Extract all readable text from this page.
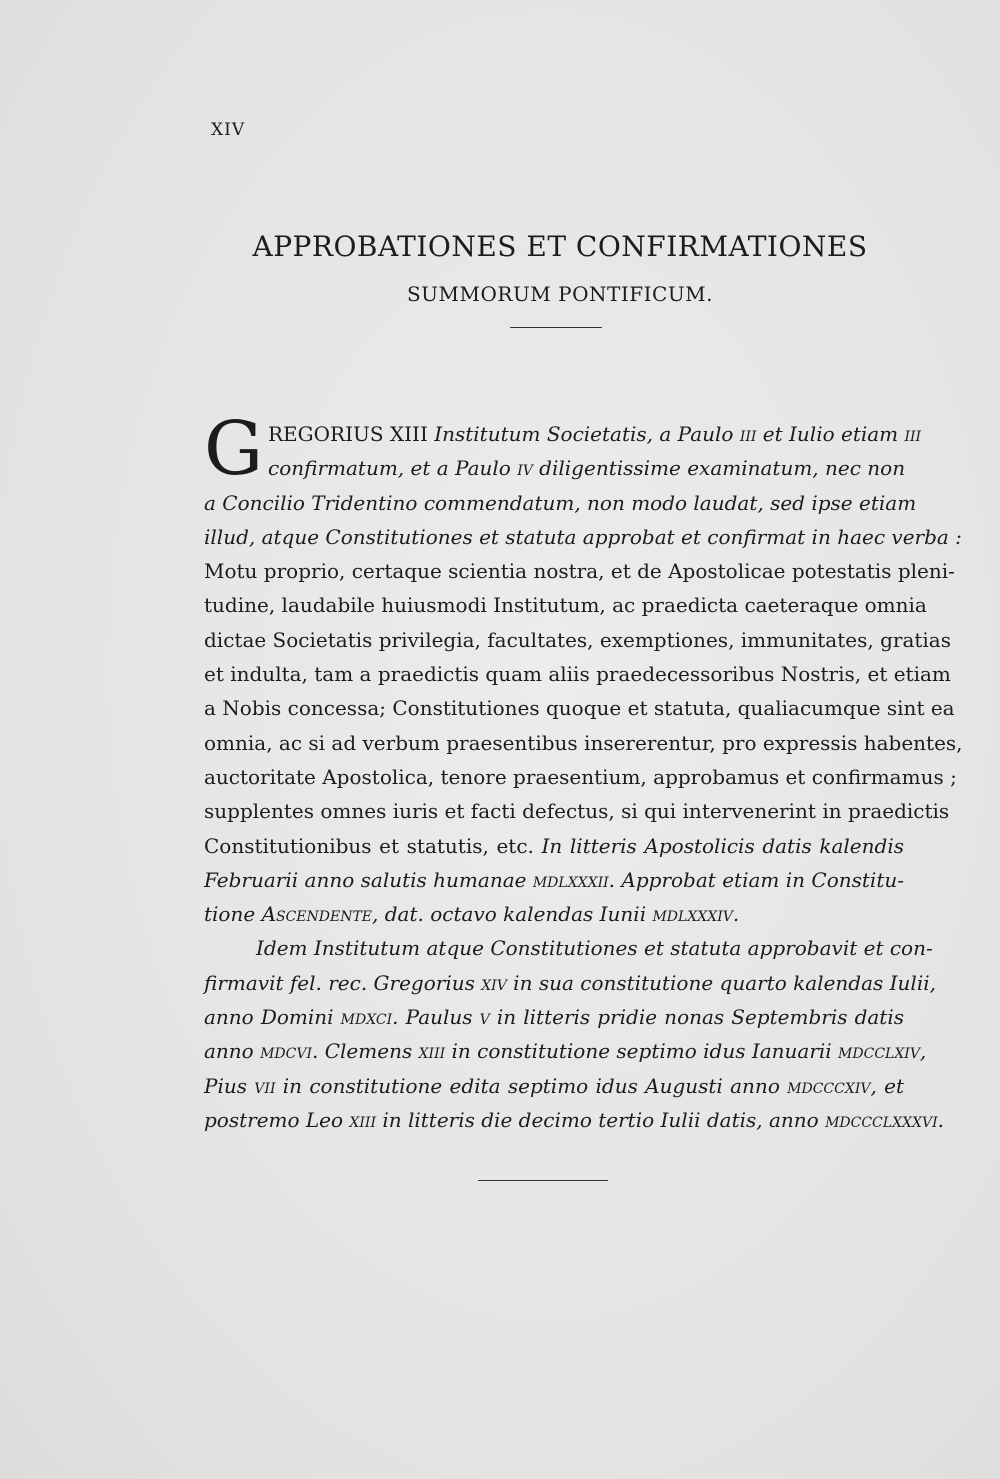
XIV
APPROBATIONES ET CONFIRMATIONES
SUMMORUM PONTIFICUM.
G REGORIUS XIII Institutum Societatis, a Paulo iii et Iulio etiam iii
confirmatum, et a Paulo iv diligentissime examinatum, nec non
a Concilio Tridentino commendatum, non modo laudat, sed ipse etiam
illud, atque Constitutiones et statuta approbat et confirmat in haec verba :
Motu proprio, certaque scientia nostra, et de Apostolicae potestatis pleni-
tudine, laudabile huiusmodi Institutum, ac praedicta caeteraque omnia
dictae Societatis privilegia, facultates, exemptiones, immunitates, gratias
et indulta, tam a praedictis quam aliis praedecessoribus Nostris, et etiam
a Nobis concessa; Constitutiones quoque et statuta, qualiacumque sint ea
omnia, ac si ad verbum praesentibus insererentur, pro expressis habentes,
auctoritate Apostolica, tenore praesentium, approbamus et confirmamus ;
supplentes omnes iuris et facti defectus, si qui intervenerint in praedictis
Constitutionibus et statutis, etc. In litteris Apostolicis datis kalendis
Februarii anno salutis humanae mdlxxxii. Approbat etiam in Constitu-
tione Ascendente, dat. octavo kalendas Iunii mdlxxxiv.
Idem Institutum atque Constitutiones et statuta approbavit et con-
firmavit fel. rec. Gregorius xiv in sua constitutione quarto kalendas Iulii,
anno Domini mdxci. Paulus v in litteris pridie nonas Septembris datis
anno mdcvi. Clemens xiii in constitutione septimo idus Ianuarii mdcclxiv,
Pius vii in constitutione edita septimo idus Augusti anno mdcccxiv, et
postremo Leo xiii in litteris die decimo tertio Iulii datis, anno mdccclxxxvi.
